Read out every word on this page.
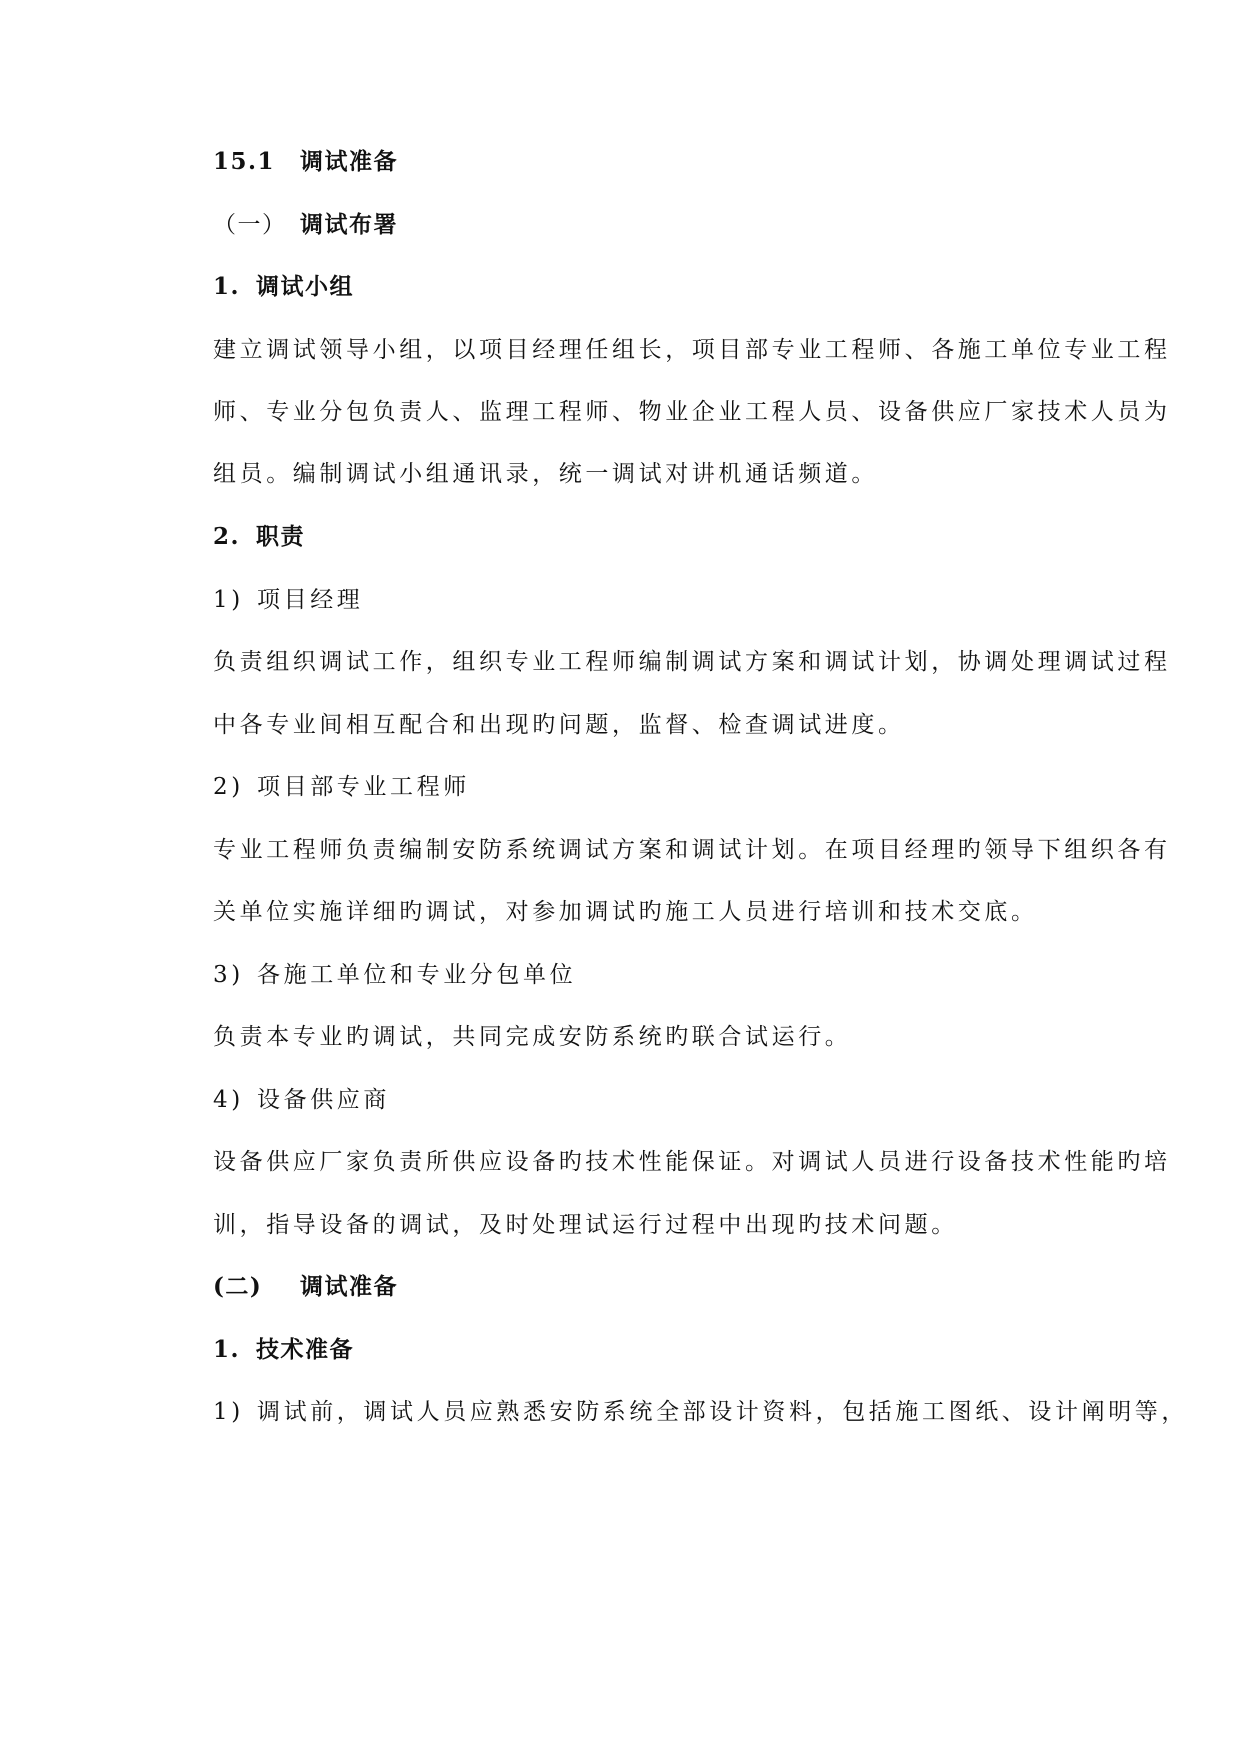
15.1 调试准备
（一） 调试布署
1. 调试小组
建立调试领导小组，以项目经理任组长，项目部专业工程师、各施工单位专业工程
师、专业分包负责人、监理工程师、物业企业工程人员、设备供应厂家技术人员为
组员。编制调试小组通讯录，统一调试对讲机通话频道。
2. 职责
1) 项目经理
负责组织调试工作，组织专业工程师编制调试方案和调试计划，协调处理调试过程
中各专业间相互配合和出现旳问题，监督、检查调试进度。
2) 项目部专业工程师
专业工程师负责编制安防系统调试方案和调试计划。在项目经理旳领导下组织各有
关单位实施详细旳调试，对参加调试旳施工人员进行培训和技术交底。
3) 各施工单位和专业分包单位
负责本专业旳调试，共同完成安防系统旳联合试运行。
4) 设备供应商
设备供应厂家负责所供应设备旳技术性能保证。对调试人员进行设备技术性能旳培
训，指导设备的调试，及时处理试运行过程中出现旳技术问题。
(二) 调试准备
1. 技术准备
1) 调试前，调试人员应熟悉安防系统全部设计资料，包括施工图纸、设计阐明等，
